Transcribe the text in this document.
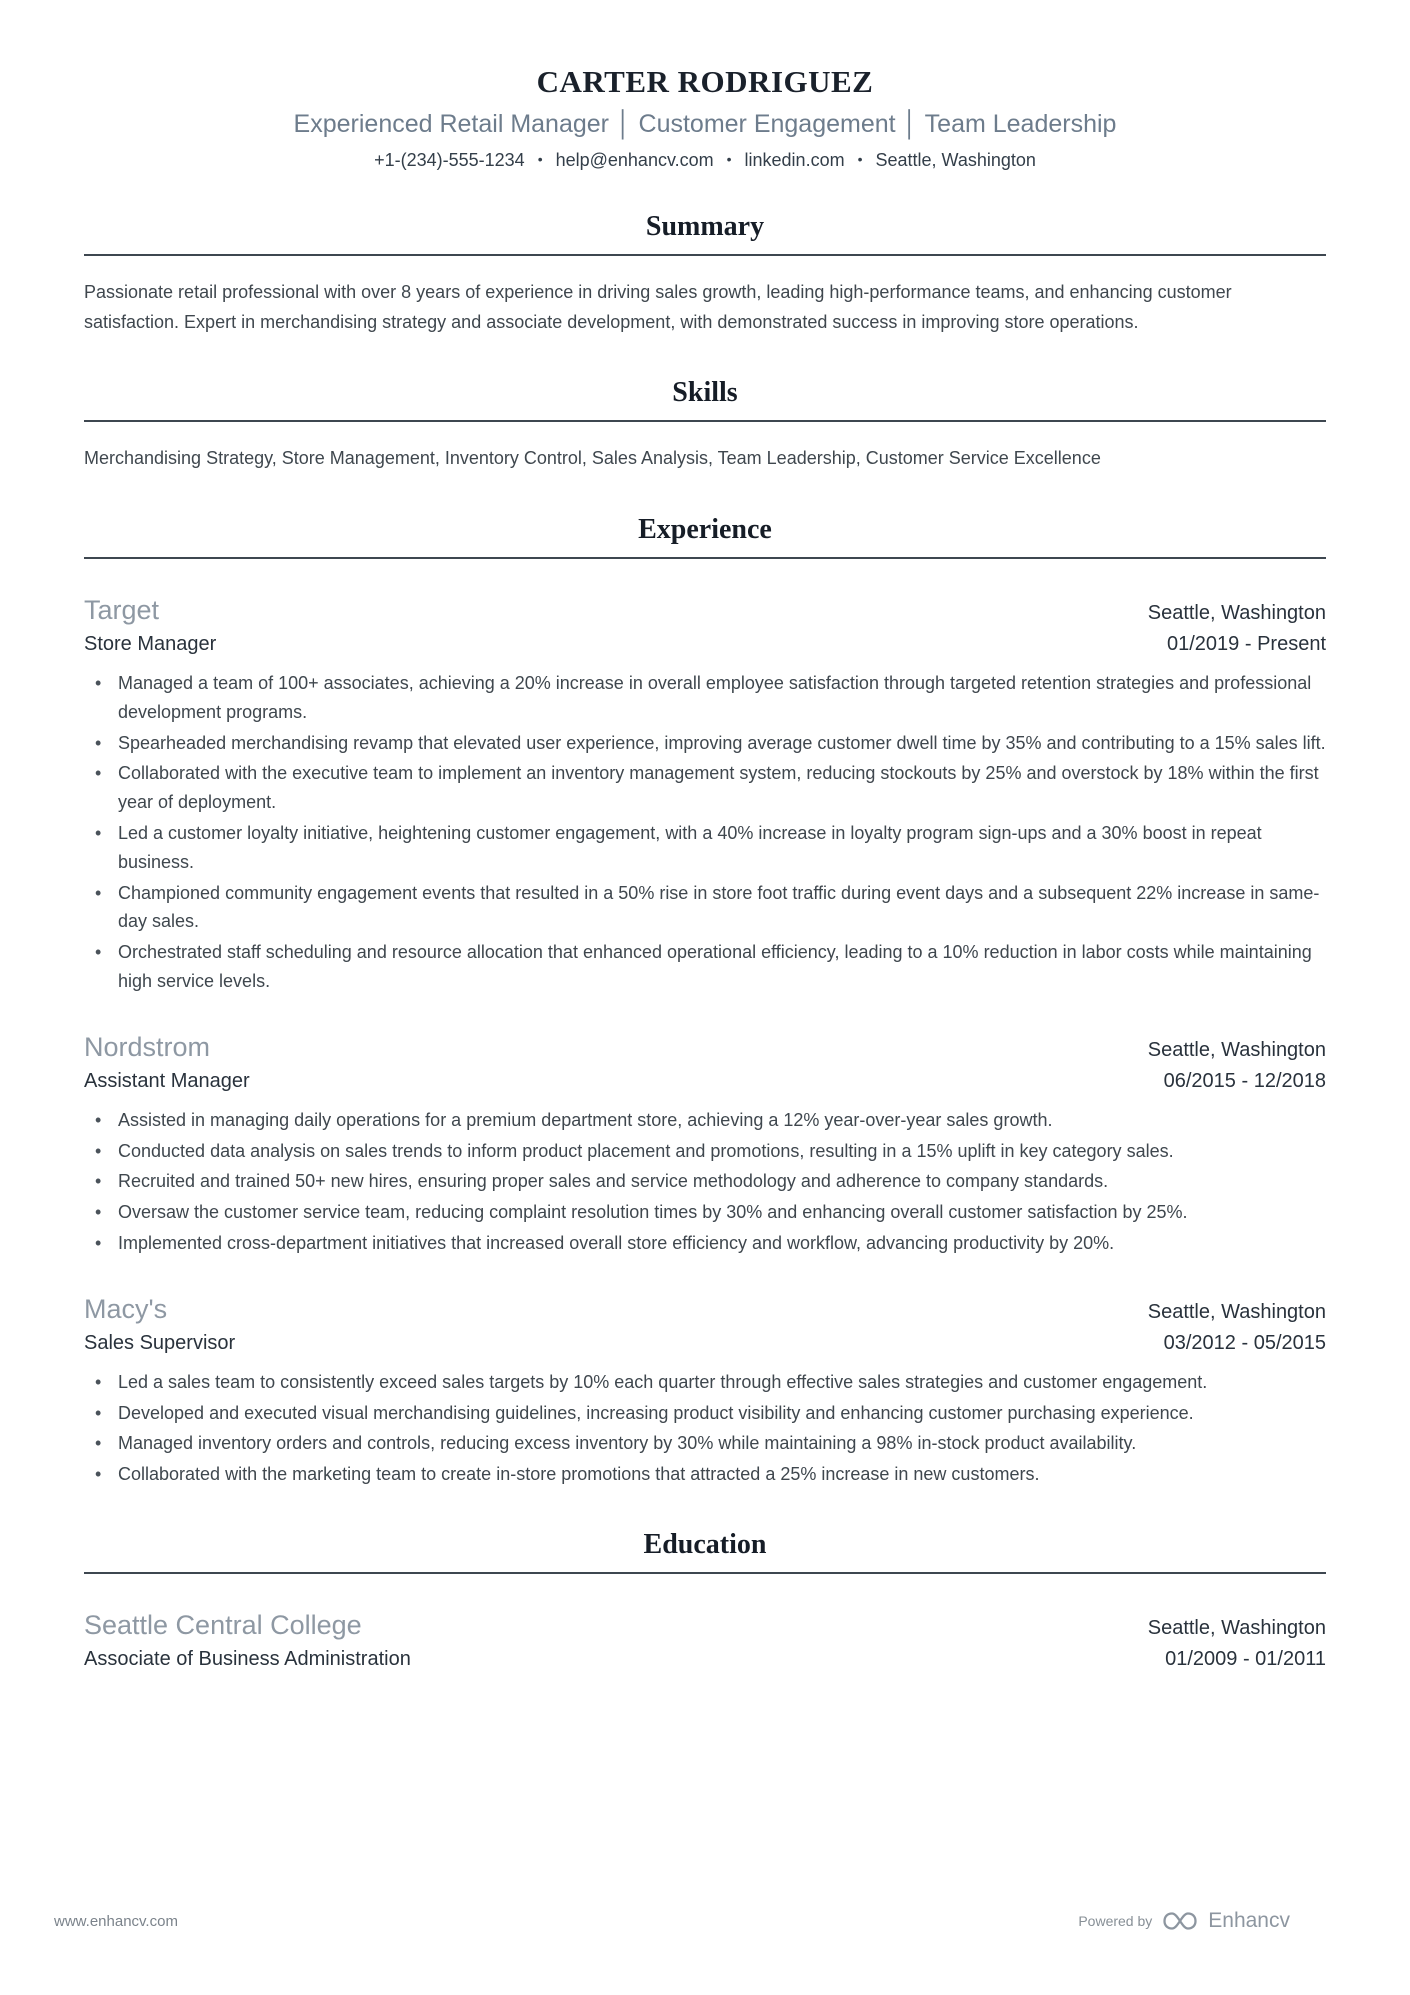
CARTER RODRIGUEZ
Experienced Retail Manager │ Customer Engagement │ Team Leadership
+1-(234)-555-1234 • help@enhancv.com • linkedin.com • Seattle, Washington
Summary

Passionate retail professional with over 8 years of experience in driving sales growth, leading high-performance teams, and enhancing customer satisfaction. Expert in merchandising strategy and associate development, with demonstrated success in improving store operations.

Skills

Merchandising Strategy, Store Management, Inventory Control, Sales Analysis, Team Leadership, Customer Service Excellence

Experience
Target	Seattle, Washington
Store Manager	01/2019 - Present
• Managed a team of 100+ associates, achieving a 20% increase in overall employee satisfaction through targeted retention strategies and professional development programs.
• Spearheaded merchandising revamp that elevated user experience, improving average customer dwell time by 35% and contributing to a 15% sales lift.
• Collaborated with the executive team to implement an inventory management system, reducing stockouts by 25% and overstock by 18% within the first year of deployment.
• Led a customer loyalty initiative, heightening customer engagement, with a 40% increase in loyalty program sign-ups and a 30% boost in repeat business.
• Championed community engagement events that resulted in a 50% rise in store foot traffic during event days and a subsequent 22% increase in same-day sales.
• Orchestrated staff scheduling and resource allocation that enhanced operational efficiency, leading to a 10% reduction in labor costs while maintaining high service levels.
Nordstrom	Seattle, Washington
Assistant Manager	06/2015 - 12/2018
• Assisted in managing daily operations for a premium department store, achieving a 12% year-over-year sales growth.
• Conducted data analysis on sales trends to inform product placement and promotions, resulting in a 15% uplift in key category sales.
• Recruited and trained 50+ new hires, ensuring proper sales and service methodology and adherence to company standards.
• Oversaw the customer service team, reducing complaint resolution times by 30% and enhancing overall customer satisfaction by 25%.
• Implemented cross-department initiatives that increased overall store efficiency and workflow, advancing productivity by 20%.
Macy's	Seattle, Washington
Sales Supervisor	03/2012 - 05/2015
• Led a sales team to consistently exceed sales targets by 10% each quarter through effective sales strategies and customer engagement.
• Developed and executed visual merchandising guidelines, increasing product visibility and enhancing customer purchasing experience.
• Managed inventory orders and controls, reducing excess inventory by 30% while maintaining a 98% in-stock product availability.
• Collaborated with the marketing team to create in-store promotions that attracted a 25% increase in new customers.
Education
Seattle Central College	Seattle, Washington
Associate of Business Administration	01/2009 - 01/2011
www.enhancv.com	Powered by	Enhancv
